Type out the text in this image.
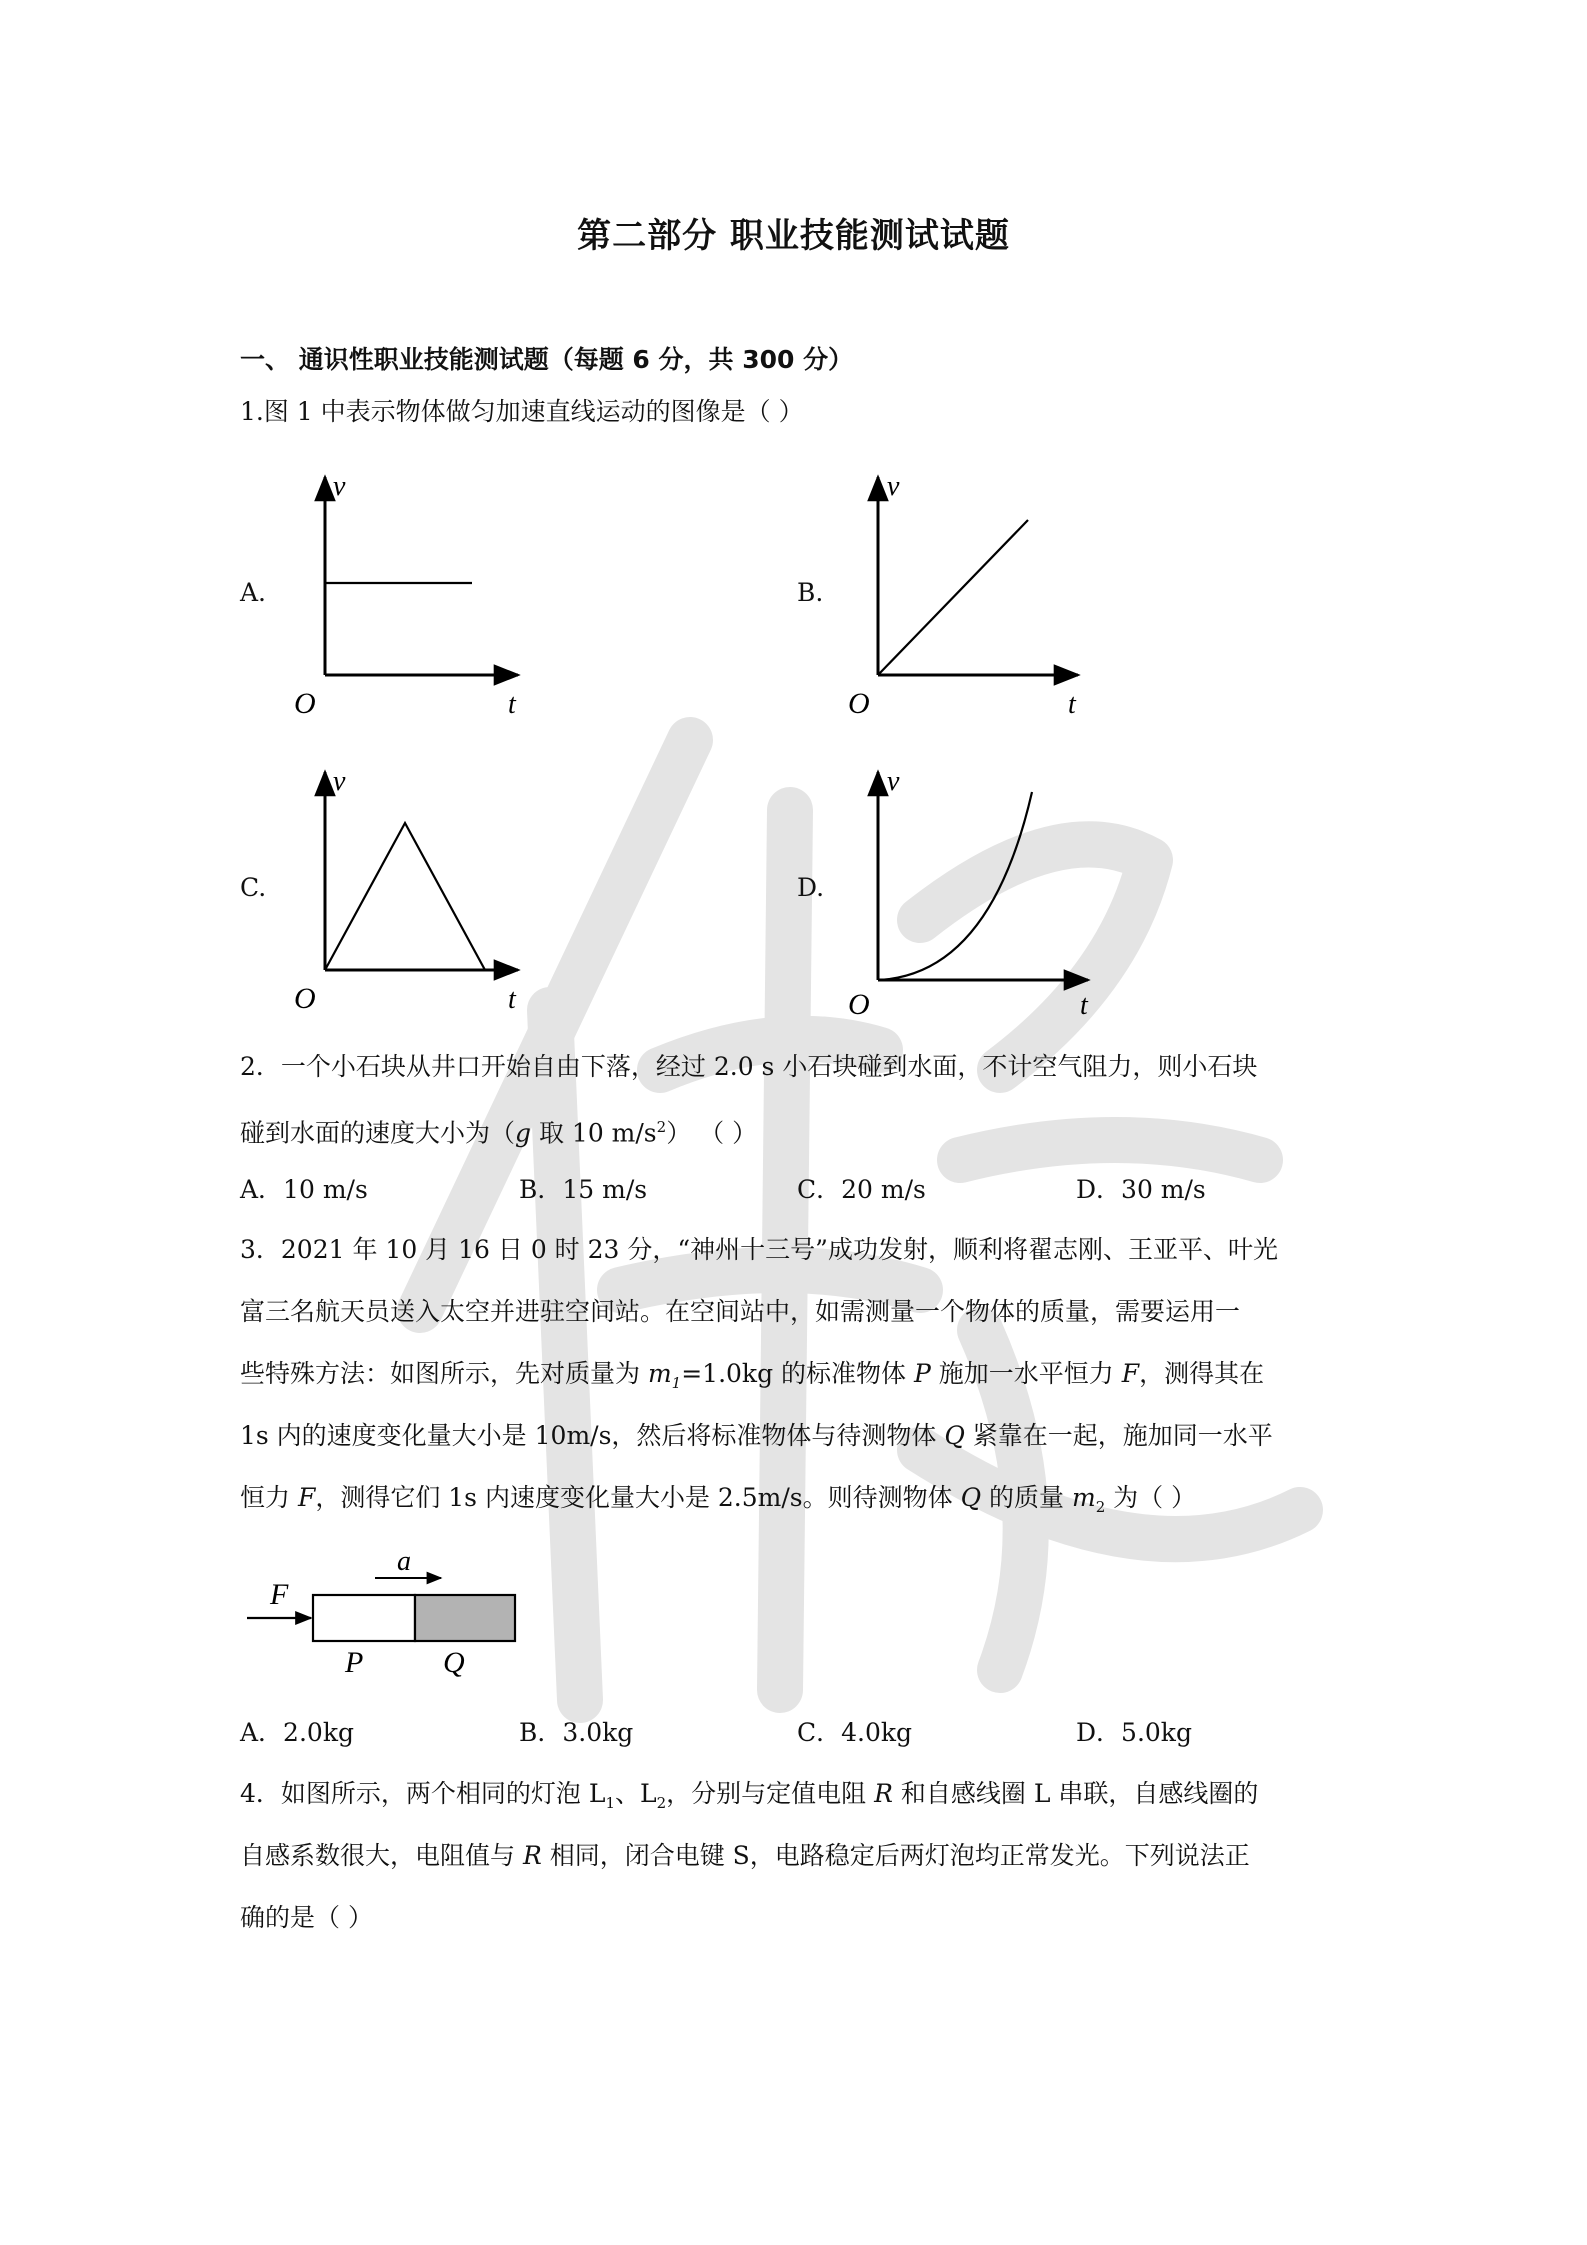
第二部分 职业技能测试试题
一、 通识性职业技能测试题（每题 6 分，共 300 分）
1.图 1 中表示物体做匀加速直线运动的图像是（ ）
A.	B.
C.	D.
v
t
O
v
t
O
v
t
O
v
t
O
2．一个小石块从井口开始自由下落，经过 2.0 s 小石块碰到水面，不计空气阻力，则小石块
碰到水面的速度大小为（g 取 10 $m/s^2$） （ ）
A．10 m/s	B．15 m/s	C．20 m/s	D．30 m/s
3．2021 年 10 月 16 日 0 时 23 分，“神州十三号”成功发射，顺利将翟志刚、王亚平、叶光
富三名航天员送入太空并进驻空间站。在空间站中，如需测量一个物体的质量，需要运用一
些特殊方法：如图所示，先对质量为 $m_1=1.0kg$ 的标准物体 P 施加一水平恒力 F，测得其在
1s 内的速度变化量大小是 10m/s，然后将标准物体与待测物体 Q 紧靠在一起，施加同一水平
恒力 F，测得它们 1s 内速度变化量大小是 2.5m/s。则待测物体 Q 的质量 $m_2$ 为（ ）
F
a
P	Q
A．2.0kg	B．3.0kg	C．4.0kg	D．5.0kg
4．如图所示，两个相同的灯泡 $L_1$、$L_2$，分别与定值电阻 R 和自感线圈 L 串联，自感线圈的
自感系数很大，电阻值与 R 相同，闭合电键 S，电路稳定后两灯泡均正常发光。下列说法正
确的是（ ）
